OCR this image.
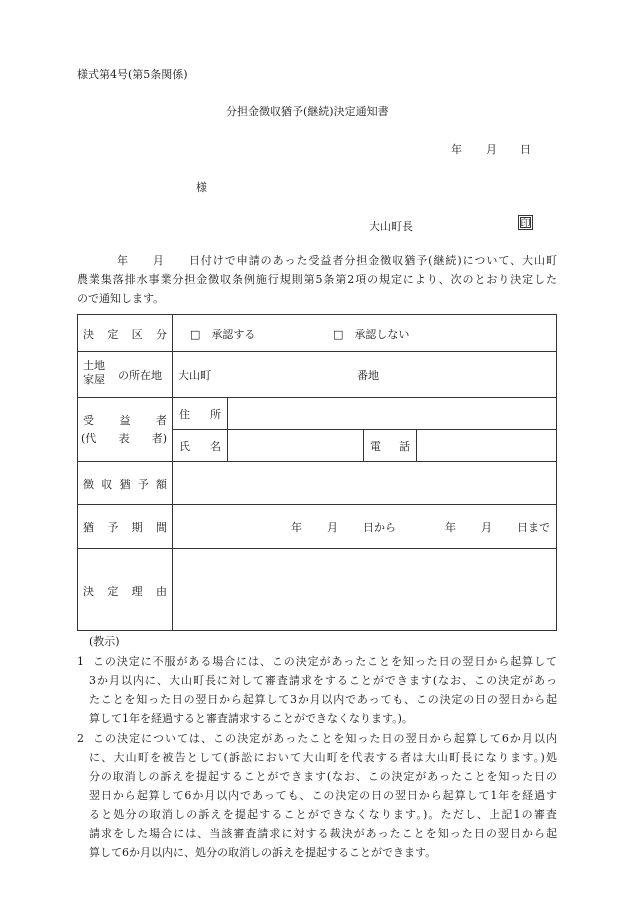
様式第4号(第5条関係)
分担金徴収猶予(継続)決定通知書
年 月 日
様
大山町長	印
年　　月　　日付けで申請のあった受益者分担金徴収猶予(継続)について、大山町
農業集落排水事業分担金徴収条例施行規則第5条第2項の規定により、次のとおり決定した
ので通知します。
決 定 区 分 □　承認する	□　承認しない
土地
家屋 の所在地 大山町	番地
受 益 者
(代 表 者)
住 所
氏 名	電 話
徴 収 猶 予 額
猶 予 期 間	年 月 日から	年 月 日まで
決 定 理 由
(教示)
1 この決定に不服がある場合には、この決定があったことを知った日の翌日から起算して
3か月以内に、大山町長に対して審査請求をすることができます(なお、この決定があっ
たことを知った日の翌日から起算して3か月以内であっても、この決定の日の翌日から起
算して1年を経過すると審査請求することができなくなります。)。
2 この決定については、この決定があったことを知った日の翌日から起算して6か月以内
に、大山町を被告として(訴訟において大山町を代表する者は大山町長になります。)処
分の取消しの訴えを提起することができます(なお、この決定があったことを知った日の
翌日から起算して6か月以内であっても、この決定の日の翌日から起算して1年を経過す
ると処分の取消しの訴えを提起することができなくなります。)。ただし、上記1の審査
請求をした場合には、当該審査請求に対する裁決があったことを知った日の翌日から起
算して6か月以内に、処分の取消しの訴えを提起することができます。
